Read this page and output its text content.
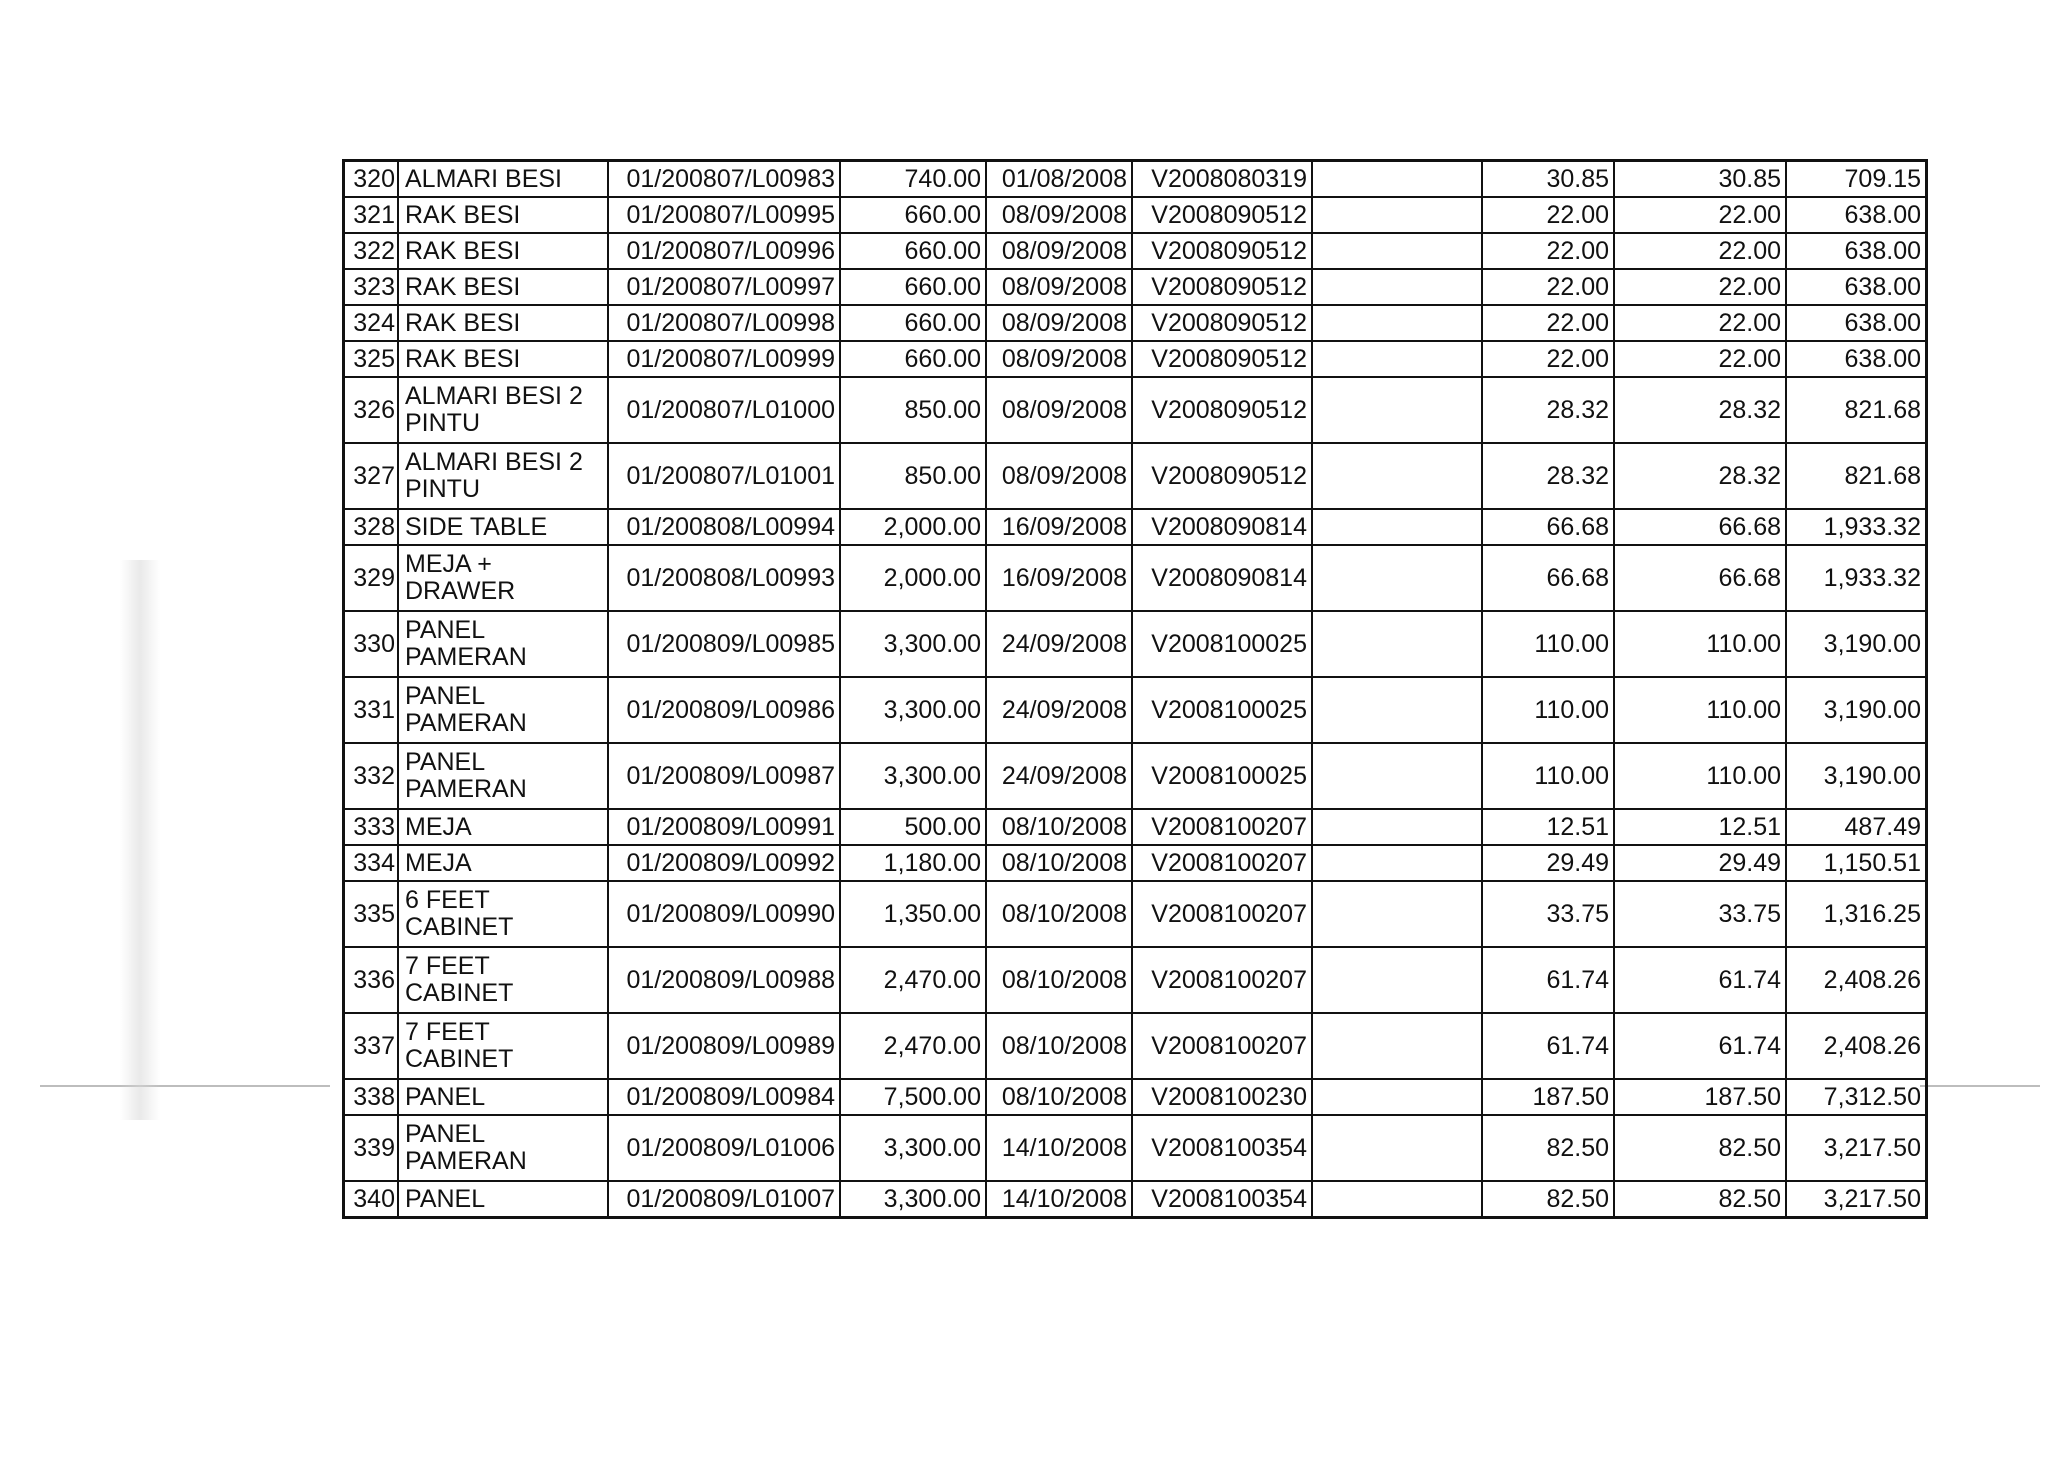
320	ALMARI BESI	01/200807/L00983	740.00	01/08/2008	V2008080319		30.85	30.85	709.15
321	RAK BESI	01/200807/L00995	660.00	08/09/2008	V2008090512		22.00	22.00	638.00
322	RAK BESI	01/200807/L00996	660.00	08/09/2008	V2008090512		22.00	22.00	638.00
323	RAK BESI	01/200807/L00997	660.00	08/09/2008	V2008090512		22.00	22.00	638.00
324	RAK BESI	01/200807/L00998	660.00	08/09/2008	V2008090512		22.00	22.00	638.00
325	RAK BESI	01/200807/L00999	660.00	08/09/2008	V2008090512		22.00	22.00	638.00
326	ALMARI BESI 2 PINTU	01/200807/L01000	850.00	08/09/2008	V2008090512		28.32	28.32	821.68
327	ALMARI BESI 2 PINTU	01/200807/L01001	850.00	08/09/2008	V2008090512		28.32	28.32	821.68
328	SIDE TABLE	01/200808/L00994	2,000.00	16/09/2008	V2008090814		66.68	66.68	1,933.32
329	MEJA + DRAWER	01/200808/L00993	2,000.00	16/09/2008	V2008090814		66.68	66.68	1,933.32
330	PANEL PAMERAN	01/200809/L00985	3,300.00	24/09/2008	V2008100025		110.00	110.00	3,190.00
331	PANEL PAMERAN	01/200809/L00986	3,300.00	24/09/2008	V2008100025		110.00	110.00	3,190.00
332	PANEL PAMERAN	01/200809/L00987	3,300.00	24/09/2008	V2008100025		110.00	110.00	3,190.00
333	MEJA	01/200809/L00991	500.00	08/10/2008	V2008100207		12.51	12.51	487.49
334	MEJA	01/200809/L00992	1,180.00	08/10/2008	V2008100207		29.49	29.49	1,150.51
335	6 FEET CABINET	01/200809/L00990	1,350.00	08/10/2008	V2008100207		33.75	33.75	1,316.25
336	7 FEET CABINET	01/200809/L00988	2,470.00	08/10/2008	V2008100207		61.74	61.74	2,408.26
337	7 FEET CABINET	01/200809/L00989	2,470.00	08/10/2008	V2008100207		61.74	61.74	2,408.26
338	PANEL	01/200809/L00984	7,500.00	08/10/2008	V2008100230		187.50	187.50	7,312.50
339	PANEL PAMERAN	01/200809/L01006	3,300.00	14/10/2008	V2008100354		82.50	82.50	3,217.50
340	PANEL	01/200809/L01007	3,300.00	14/10/2008	V2008100354		82.50	82.50	3,217.50
